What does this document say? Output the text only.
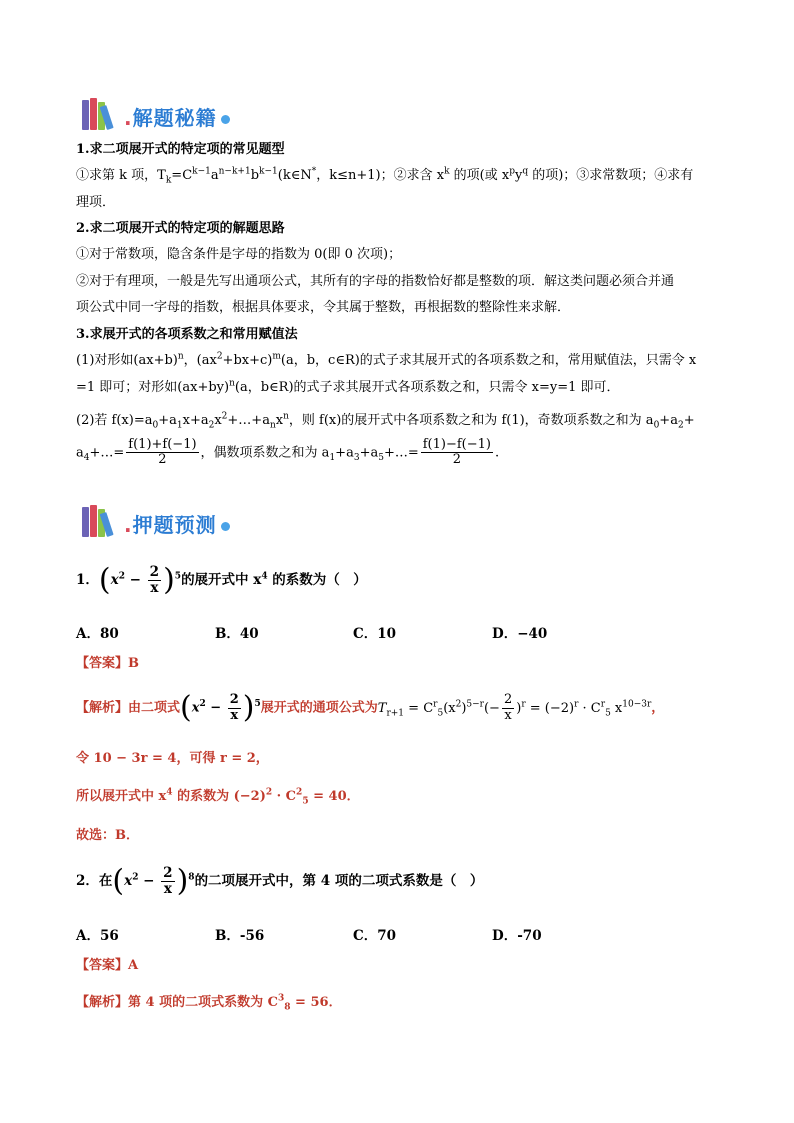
.解题秘籍
1.求二项展开式的特定项的常见题型
①求第 k 项，$T_k=C^{k-1}a^{n-k+1}b^{k-1}(k\in N^*$，k≤n+1)；②求含 $x^k$ 的项(或 $x^py^q$ 的项)；③求常数项；④求有
理项．
2.求二项展开式的特定项的解题思路
①对于常数项，隐含条件是字母的指数为 0(即 0 次项)；
②对于有理项，一般是先写出通项公式，其所有的字母的指数恰好都是整数的项．解这类问题必须合并通
项公式中同一字母的指数，根据具体要求，令其属于整数，再根据数的整除性来求解．
3.求展开式的各项系数之和常用赋值法
(1)对形如$(ax+b)^n$，$(ax^2+bx+c)^m(a$，b，c∈R)的式子求其展开式的各项系数之和，常用赋值法，只需令 x
=1 即可；对形如$(ax+by)^n(a$，b∈R)的式子求其展开式各项系数之和，只需令 x=y=1 即可．
(2)若 $f(x)=a_0+a_1x+a_2x^2+\dots+a_nx^n$，则 f(x)的展开式中各项系数之和为 f(1)，奇数项系数之和为 $a_0+a_2+$
$a_4+\dots= \frac{f(1)+f(-1)}{2}$ ，偶数项系数之和为 $a_1+a_3+a_5+\dots= \frac{f(1)-f(-1)}{2}$ .
.押题预测
1．$(x^2 - \frac{2}{x} )^5$的展开式中 $x^4$ 的系数为（　）
A．80	B．40	C．10	D．−40
【答案】B
【解析】由二项式$(x^2 - \frac{2}{x} )^5$展开式的通项公式为$T_{r+1} = C^r_5(x^2)^{5-r}(- \frac{2}{x} )^r = (-2)^r \cdot C^r_5$ $x^{10-3r}$，
令 10 − 3r = 4，可得 r = 2，
所以展开式中 $x^4$ 的系数为 $(-2)^2 \cdot C^2_5 = 40$．
故选：B．
2．在$(x^2 - \frac{2}{x} )^8$的二项展开式中，第 4 项的二项式系数是（　）
A．56	B．-56	C．70	D．-70
【答案】A
【解析】第 4 项的二项式系数为 $C^3_8 = 56$．
